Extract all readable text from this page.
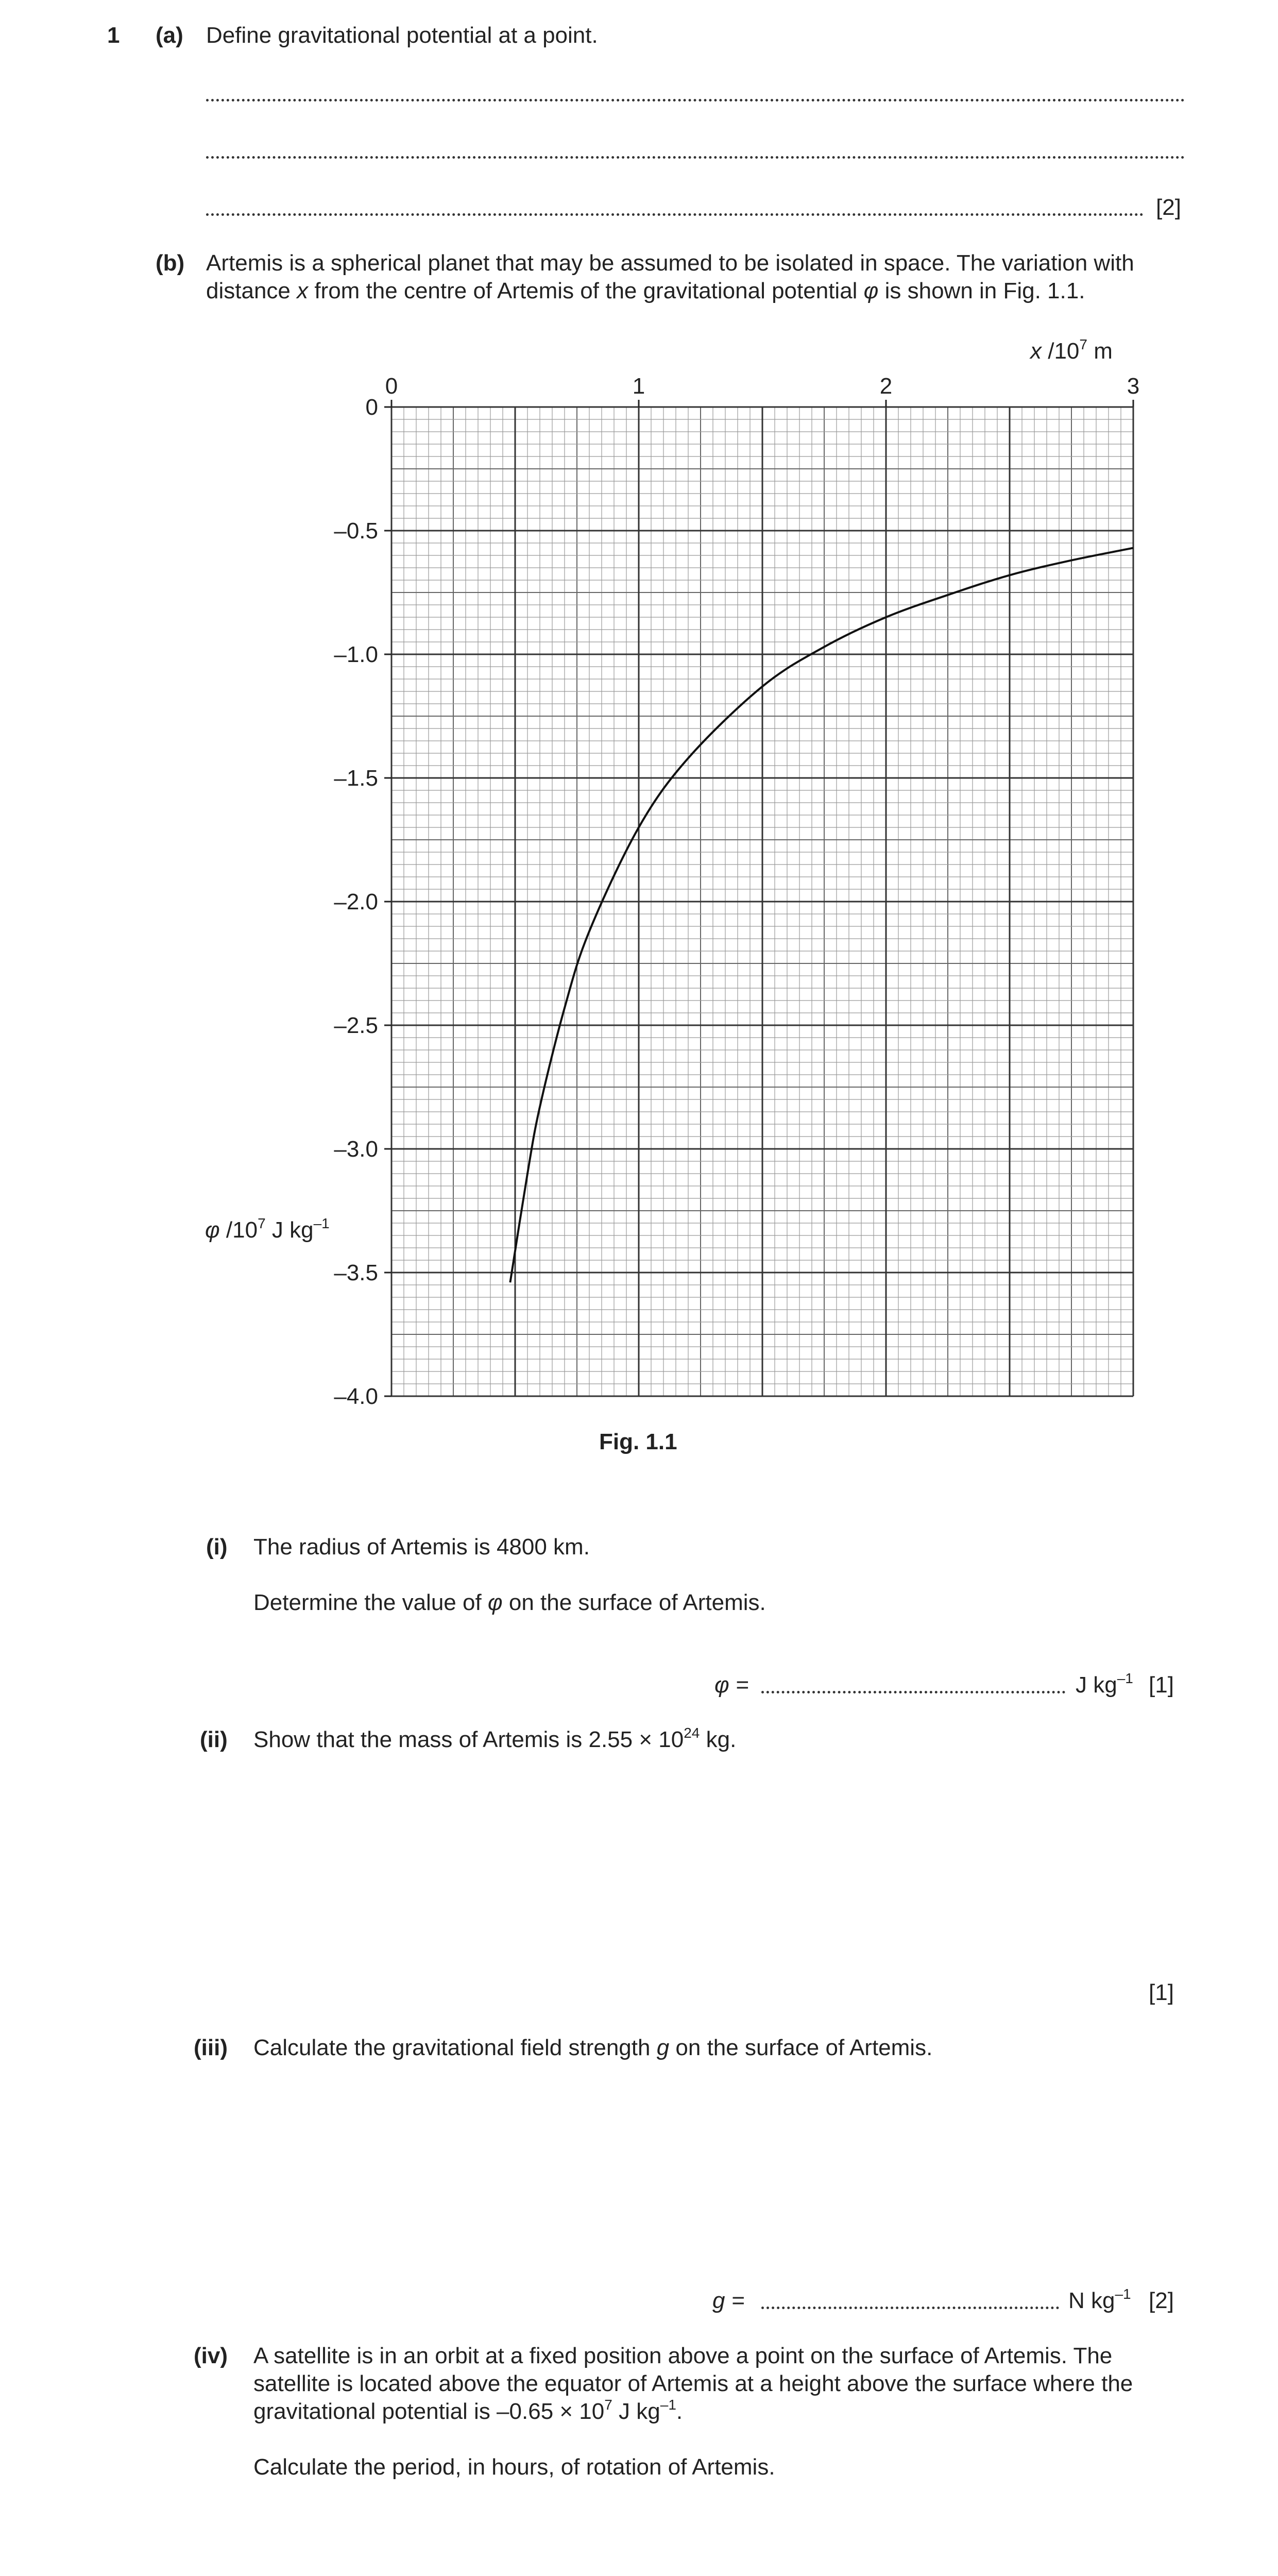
1 (a) Define gravitational potential at a point.
[2]
(b) Artemis is a spherical planet that may be assumed to be isolated in space. The variation with
distance x from the centre of Artemis of the gravitational potential φ is shown in Fig. 1.1.
0	1	2	3
0
–0.5
–1.0
–1.5
–2.0
–2.5
–3.0
–3.5
–4.0
x $/10^7$ m
φ $/10^7$ J $kg^{-1}$
Fig. 1.1
(i) The radius of Artemis is 4800 km.
Determine the value of φ on the surface of Artemis.
φ =	J $kg^{-1}$ [1]
(ii) Show that the mass of Artemis is $2.55 \times 10^{24}$ kg.
[1]
(iii) Calculate the gravitational field strength g on the surface of Artemis.
g =	N $kg^{-1}$ [2]
(iv) A satellite is in an orbit at a fixed position above a point on the surface of Artemis. The
satellite is located above the equator of Artemis at a height above the surface where the
gravitational potential is $-0.65 \times 10^7$ J $kg^{-1}$.
Calculate the period, in hours, of rotation of Artemis.
